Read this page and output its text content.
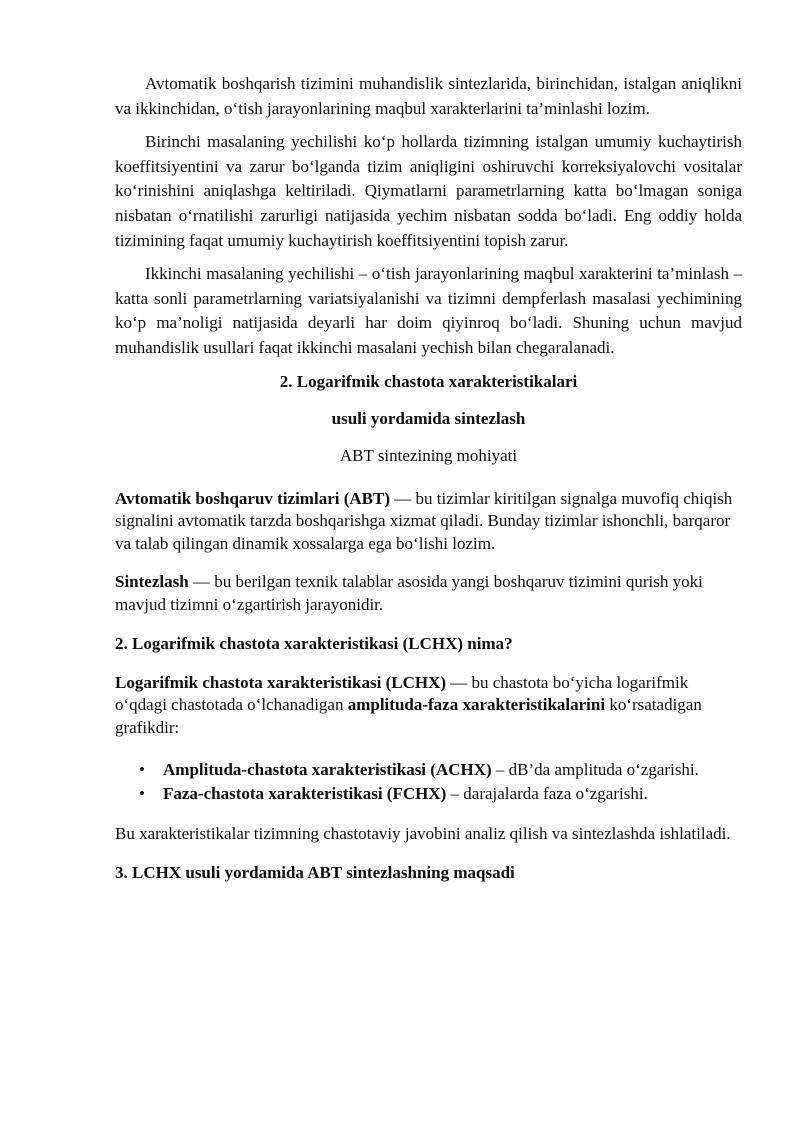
Avtomatik boshqarish tizimini muhandislik sintezlarida, birinchidan, istalgan aniqlikni va ikkinchidan, o‘tish jarayonlarining maqbul xarakterlarini ta’minlashi lozim.

Birinchi masalaning yechilishi ko‘p hollarda tizimning istalgan umumiy kuchaytirish koeffitsiyentini va zarur bo‘lganda tizim aniqligini oshiruvchi korreksiyalovchi vositalar ko‘rinishini aniqlashga keltiriladi. Qiymatlarni parametrlarning katta bo‘lmagan soniga nisbatan o‘rnatilishi zarurligi natijasida yechim nisbatan sodda bo‘ladi. Eng oddiy holda tizimining faqat umumiy kuchaytirish koeffitsiyentini topish zarur.

Ikkinchi masalaning yechilishi – o‘tish jarayonlarining maqbul xarakterini ta’minlash – katta sonli parametrlarning variatsiyalanishi va tizimni dempferlash masalasi yechimining ko‘p ma’noligi natijasida deyarli har doim qiyinroq bo‘ladi. Shuning uchun mavjud muhandislik usullari faqat ikkinchi masalani yechish bilan chegaralanadi.

2. Logarifmik chastota xarakteristikalari

usuli yordamida sintezlash

ABT sintezining mohiyati

Avtomatik boshqaruv tizimlari (ABT) — bu tizimlar kiritilgan signalga muvofiq chiqish signalini avtomatik tarzda boshqarishga xizmat qiladi. Bunday tizimlar ishonchli, barqaror va talab qilingan dinamik xossalarga ega bo‘lishi lozim.

Sintezlash — bu berilgan texnik talablar asosida yangi boshqaruv tizimini qurish yoki mavjud tizimni o‘zgartirish jarayonidir.

2. Logarifmik chastota xarakteristikasi (LCHX) nima?

Logarifmik chastota xarakteristikasi (LCHX) — bu chastota bo‘yicha logarifmik o‘qdagi chastotada o‘lchanadigan amplituda-faza xarakteristikalarini ko‘rsatadigan grafikdir:

• Amplituda-chastota xarakteristikasi (ACHX) – dB’da amplituda o‘zgarishi.
• Faza-chastota xarakteristikasi (FCHX) – darajalarda faza o‘zgarishi.

Bu xarakteristikalar tizimning chastotaviy javobini analiz qilish va sintezlashda ishlatiladi.

3. LCHX usuli yordamida ABT sintezlashning maqsadi
